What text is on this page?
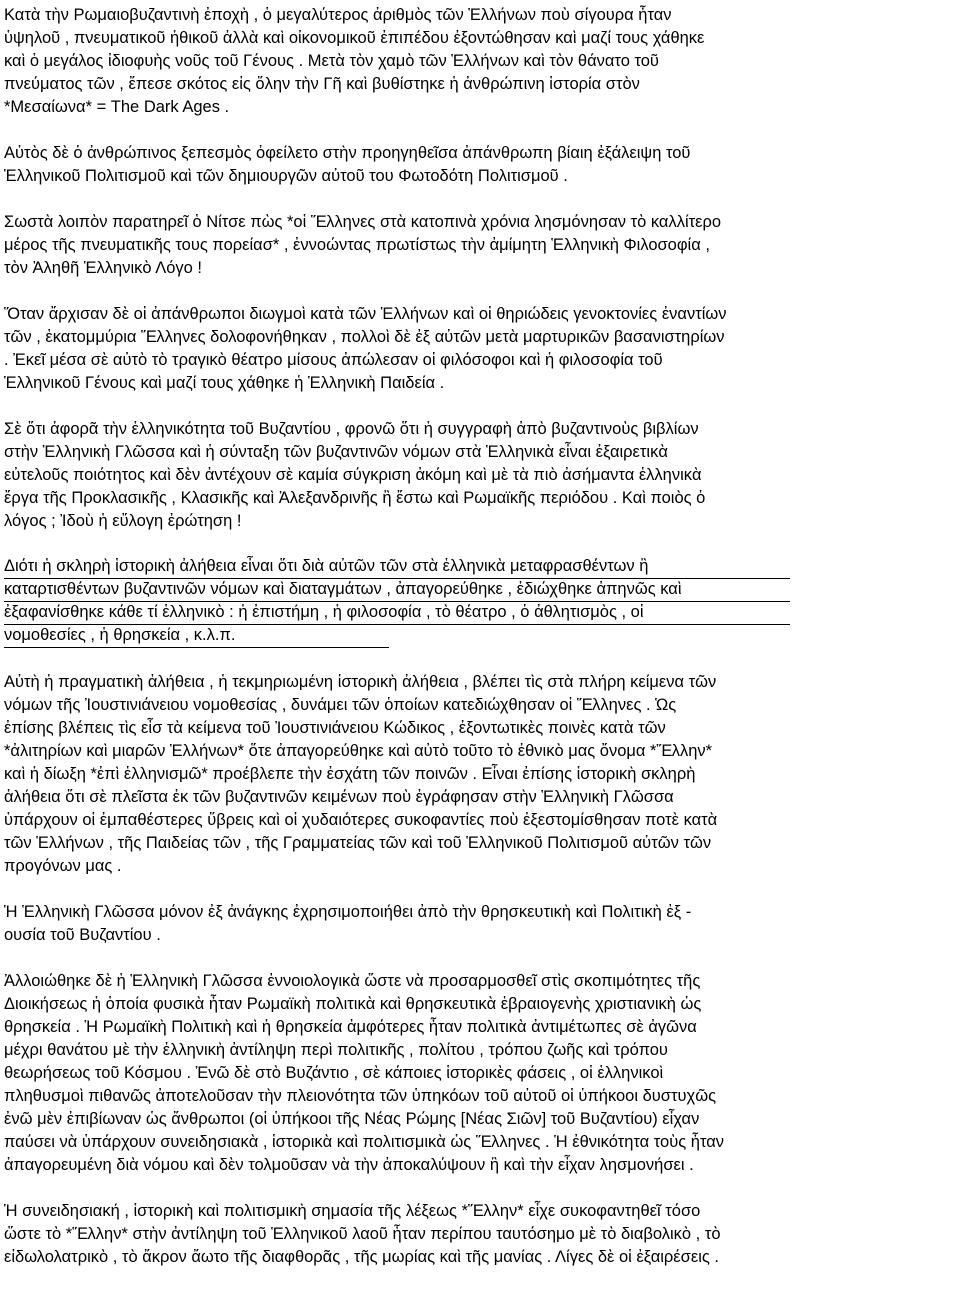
Κατὰ τὴν Ρωμαιοβυζαντινὴ ἐποχὴ , ὁ μεγαλύτερος ἀριθμὸς τῶν Ἑλλήνων ποὺ σίγουρα ἦταν
ὑψηλοῦ , πνευματικοῦ ἠθικοῦ ἀλλὰ καὶ οἰκονομικοῦ ἐπιπέδου ἐξοντώθησαν καὶ μαζί τους χάθηκε
καὶ ὁ μεγάλος ἰδιοφυὴς νοῦς τοῦ Γένους . Μετὰ τὸν χαμὸ τῶν Ἑλλήνων καὶ τὸν θάνατο τοῦ
πνεύματος τῶν , ἔπεσε σκότος εἰς ὅλην τὴν Γῆ καὶ βυθίστηκε ἡ ἀνθρώπινη ἱστορία στὸν
*Μεσαίωνα* = The Dark Ages .

Αὐτὸς δὲ ὁ ἀνθρώπινος ξεπεσμὸς ὀφείλετο στὴν προηγηθεῖσα ἀπάνθρωπη βίαιη ἐξάλειψη τοῦ
Ἑλληνικοῦ Πολιτισμοῦ καὶ τῶν δημιουργῶν αὐτοῦ του Φωτοδότη Πολιτισμοῦ .

Σωστὰ λοιπὸν παρατηρεῖ ὁ Νίτσε πὼς *οἱ Ἕλληνες στὰ κατοπινὰ χρόνια λησμόνησαν τὸ καλλίτερο
μέρος τῆς πνευματικῆς τους πορείασ* , ἐννοώντας πρωτίστως τὴν ἀμίμητη Ἑλληνικὴ Φιλοσοφία ,
τὸν Ἀληθῆ Ἑλληνικὸ Λόγο !

Ὅταν ἄρχισαν δὲ οἱ ἀπάνθρωποι διωγμοὶ κατὰ τῶν Ἑλλήνων καὶ οἱ θηριώδεις γενοκτονίες ἐναντίων
τῶν , ἑκατομμύρια Ἕλληνες δολοφονήθηκαν , πολλοὶ δὲ ἐξ αὐτῶν μετὰ μαρτυρικῶν βασανιστηρίων
. Ἐκεῖ μέσα σὲ αὐτὸ τὸ τραγικὸ θέατρο μίσους ἀπώλεσαν οἱ φιλόσοφοι καὶ ἡ φιλοσοφία τοῦ
Ἑλληνικοῦ Γένους καὶ μαζί τους χάθηκε ἡ Ἑλληνικὴ Παιδεία .

Σὲ ὅτι ἀφορᾶ τὴν ἑλληνικότητα τοῦ Βυζαντίου , φρονῶ ὅτι ἡ συγγραφὴ ἀπὸ βυζαντινοὺς βιβλίων
στὴν Ἑλληνικὴ Γλῶσσα καὶ ἡ σύνταξη τῶν βυζαντινῶν νόμων στὰ Ἑλληνικὰ εἶναι ἐξαιρετικὰ
εὐτελοῦς ποιότητος καὶ δὲν ἀντέχουν σὲ καμία σύγκριση ἀκόμη καὶ μὲ τὰ πιὸ ἀσήμαντα ἑλληνικὰ
ἔργα τῆς Προκλασικῆς , Κλασικῆς καὶ Ἀλεξανδρινῆς ἢ ἔστω καὶ Ρωμαϊκῆς περιόδου . Καὶ ποιὸς ὁ
λόγος ; Ἰδοὺ ἡ εὔλογη ἐρώτηση !

Διότι ἡ σκληρὴ ἱστορικὴ ἀλήθεια εἶναι ὅτι διὰ αὐτῶν τῶν στὰ ἑλληνικὰ μεταφρασθέντων ἢ
καταρτισθέντων βυζαντινῶν νόμων καὶ διαταγμάτων , ἀπαγορεύθηκε , ἐδιώχθηκε ἀπηνῶς καὶ
ἐξαφανίσθηκε κάθε τί ἑλληνικὸ : ἡ ἐπιστήμη , ἡ φιλοσοφία , τὸ θέατρο , ὁ ἀθλητισμὸς , οἱ
νομοθεσίες , ἡ θρησκεία , κ.λ.π.

Αὐτὴ ἡ πραγματικὴ ἀλήθεια , ἡ τεκμηριωμένη ἱστορικὴ ἀλήθεια , βλέπει τὶς στὰ πλήρη κείμενα τῶν
νόμων τῆς Ἰουστινιάνειου νομοθεσίας , δυνάμει τῶν ὁποίων κατεδιώχθησαν οἱ Ἕλληνες . Ὡς
ἐπίσης βλέπεις τὶς εἶσ τὰ κείμενα τοῦ Ἰουστινιάνειου Κώδικος , ἐξοντωτικὲς ποινὲς κατὰ τῶν
*ἀλιτηρίων καὶ μιαρῶν Ἑλλήνων* ὅτε ἀπαγορεύθηκε καὶ αὐτὸ τοῦτο τὸ ἐθνικὸ μας ὄνομα *Ἕλλην*
καὶ ἡ δίωξη *ἐπὶ ἑλληνισμῶ* προέβλεπε τὴν ἐσχάτη τῶν ποινῶν . Εἶναι ἐπίσης ἱστορικὴ σκληρὴ
ἀλήθεια ὅτι σὲ πλεῖστα ἐκ τῶν βυζαντινῶν κειμένων ποὺ ἐγράφησαν στὴν Ἑλληνικὴ Γλῶσσα
ὑπάρχουν οἱ ἐμπαθέστερες ὕβρεις καὶ οἱ χυδαιότερες συκοφαντίες ποὺ ἐξεστομίσθησαν ποτὲ κατὰ
τῶν Ἑλλήνων , τῆς Παιδείας τῶν , τῆς Γραμματείας τῶν καὶ τοῦ Ἑλληνικοῦ Πολιτισμοῦ αὐτῶν τῶν
προγόνων μας .

Ἡ Ἑλληνικὴ Γλῶσσα μόνον ἐξ ἀνάγκης ἐχρησιμοποιήθει ἀπὸ τὴν θρησκευτικὴ καὶ Πολιτικὴ ἐξ -
ουσία τοῦ Βυζαντίου .

Ἀλλοιώθηκε δὲ ἡ Ἑλληνικὴ Γλῶσσα ἐννοιολογικὰ ὥστε νὰ προσαρμοσθεῖ στὶς σκοπιμότητες τῆς
Διοικήσεως ἡ ὁποία φυσικὰ ἦταν Ρωμαϊκὴ πολιτικὰ καὶ θρησκευτικὰ ἑβραιογενὴς χριστιανικὴ ὡς
θρησκεία . Ἡ Ρωμαϊκὴ Πολιτικὴ καὶ ἡ θρησκεία ἀμφότερες ἦταν πολιτικὰ ἀντιμέτωπες σὲ ἀγῶνα
μέχρι θανάτου μὲ τὴν ἑλληνικὴ ἀντίληψη περὶ πολιτικῆς , πολίτου , τρόπου ζωῆς καὶ τρόπου
θεωρήσεως τοῦ Κόσμου . Ἐνῶ δὲ στὸ Βυζάντιο , σὲ κάποιες ἱστορικὲς φάσεις , οἱ ἑλληνικοὶ
πληθυσμοὶ πιθανῶς ἀποτελοῦσαν τὴν πλειονότητα τῶν ὑπηκόων τοῦ αὐτοῦ οἱ ὑπήκοοι δυστυχῶς
ἐνῶ μὲν ἐπιβίωναν ὡς ἄνθρωποι (οἱ ὑπήκοοι τῆς Νέας Ρώμης [Νέας Σιῶν] τοῦ Βυζαντίου) εἶχαν
παύσει νὰ ὑπάρχουν συνειδησιακὰ , ἱστορικὰ καὶ πολιτισμικὰ ὡς Ἕλληνες . Ἡ ἐθνικότητα τοὺς ἦταν
ἀπαγορευμένη διὰ νόμου καὶ δὲν τολμοῦσαν νὰ τὴν ἀποκαλύψουν ἢ καὶ τὴν εἶχαν λησμονήσει .

Ἡ συνειδησιακή , ἱστορικὴ καὶ πολιτισμικὴ σημασία τῆς λέξεως *Ἕλλην* εἶχε συκοφαντηθεῖ τόσο
ὥστε τὸ *Ἕλλην* στὴν ἀντίληψη τοῦ Ἑλληνικοῦ λαοῦ ἦταν περίπου ταυτόσημο μὲ τὸ διαβολικὸ , τὸ
εἰδωλολατρικὸ , τὸ ἄκρον ἄωτο τῆς διαφθορᾶς , τῆς μωρίας καὶ τῆς μανίας . Λίγες δὲ οἱ ἐξαιρέσεις .
